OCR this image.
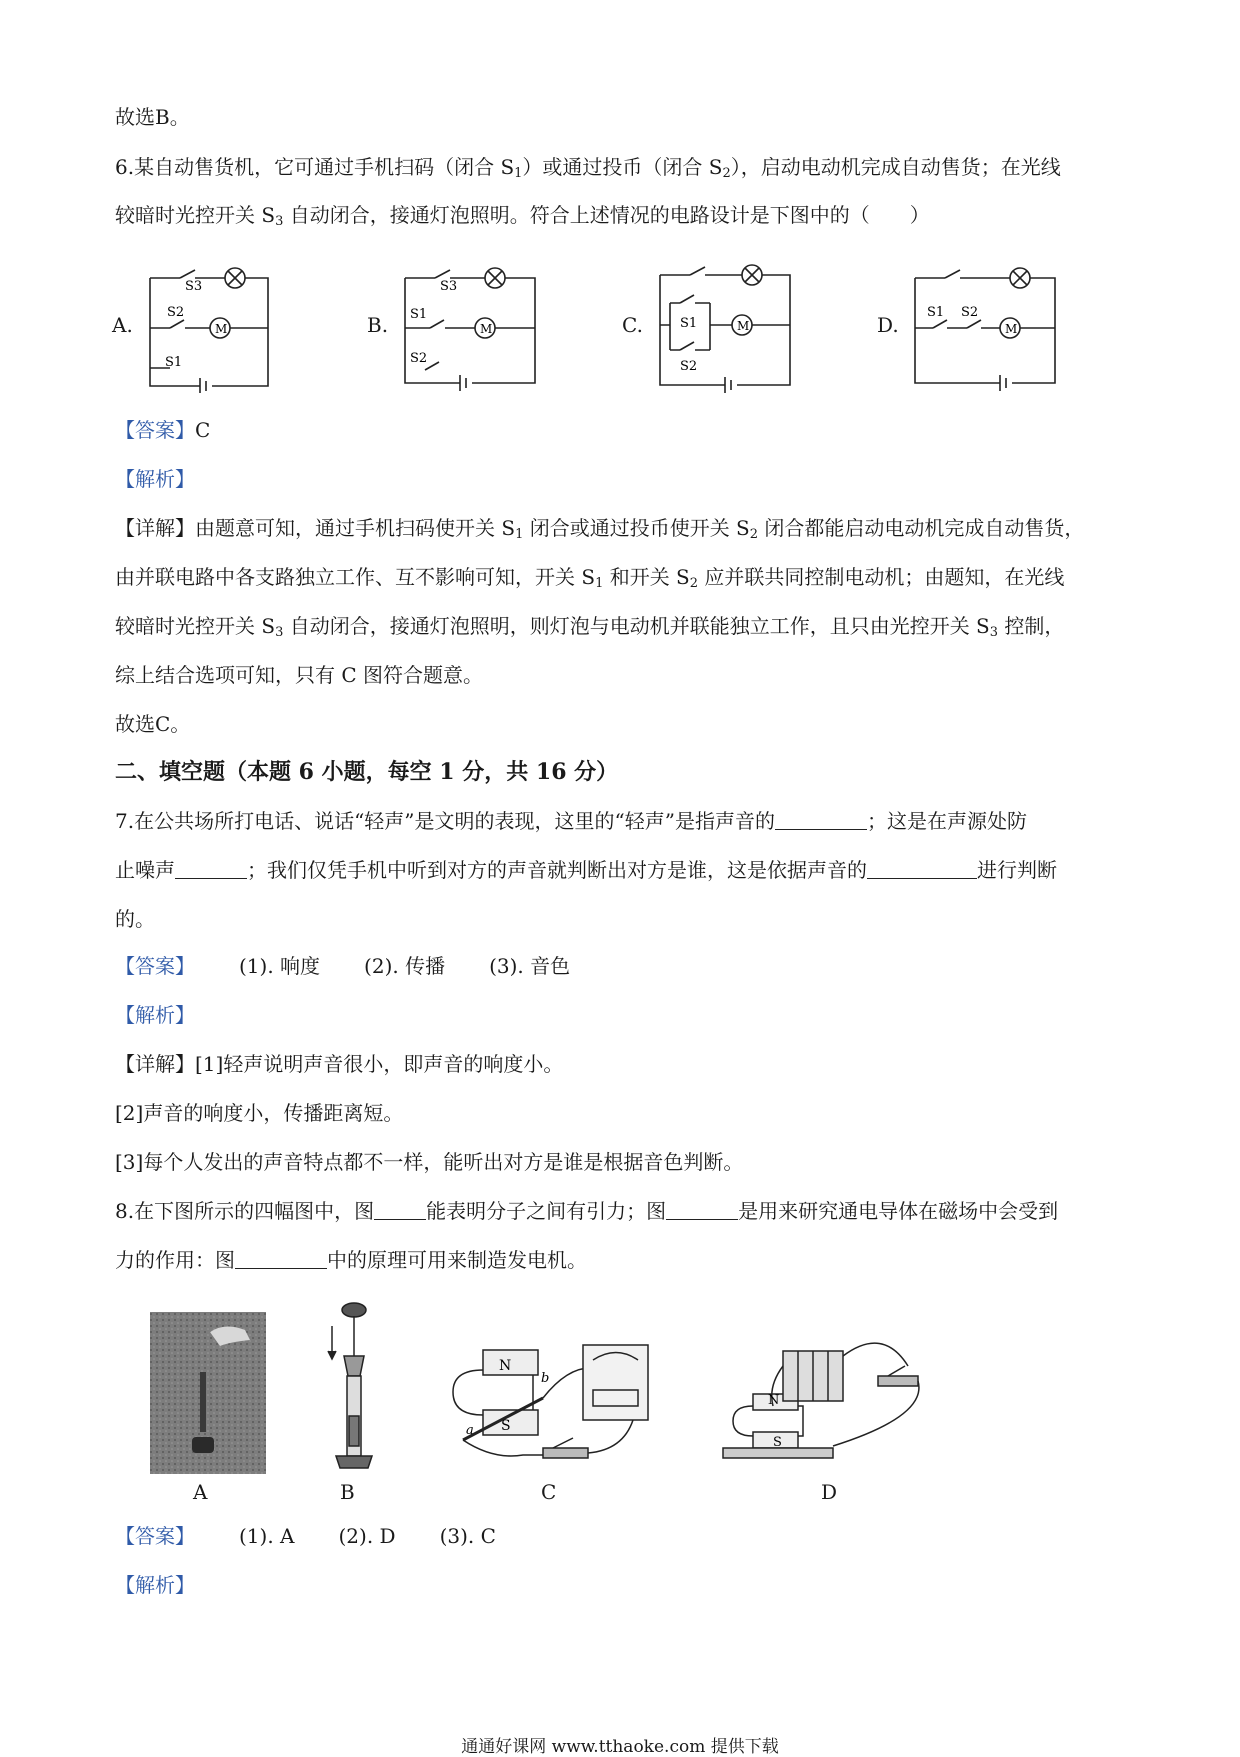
故选B。
6.某自动售货机，它可通过手机扫码（闭合 $S_1$）或通过投币（闭合 $S_2$），启动电动机完成自动售货；在光线
较暗时光控开关 $S_3$ 自动闭合，接通灯泡照明。符合上述情况的电路设计是下图中的（　　）
A.	B.	C.	D.
S3
S2
M
S1
S3
S1
M
S2
S1
S2
M
S1 S2
M
【答案】C
【解析】
【详解】由题意可知，通过手机扫码使开关 $S_1$ 闭合或通过投币使开关 $S_2$ 闭合都能启动电动机完成自动售货，
由并联电路中各支路独立工作、互不影响可知，开关 $S_1$ 和开关 $S_2$ 应并联共同控制电动机；由题知，在光线
较暗时光控开关 $S_3$ 自动闭合，接通灯泡照明，则灯泡与电动机并联能独立工作，且只由光控开关 $S_3$ 控制，
综上结合选项可知，只有 C 图符合题意。
故选C。
二、填空题（本题 6 小题，每空 1 分，共 16 分）
7.在公共场所打电话、说话“轻声”是文明的表现，这里的“轻声”是指声音的	；这是在声源处防
止噪声	；我们仅凭手机中听到对方的声音就判断出对方是谁，这是依据声音的	进行判断
的。
【答案】 (1). 响度 (2). 传播 (3). 音色
【解析】
【详解】[1]轻声说明声音很小，即声音的响度小。
[2]声音的响度小，传播距离短。
[3]每个人发出的声音特点都不一样，能听出对方是谁是根据音色判断。
8.在下图所示的四幅图中，图	能表明分子之间有引力；图	是用来研究通电导体在磁场中会受到
力的作用：图	中的原理可用来制造发电机。
A	B
N
S
a
b
C
N
S
D
【答案】 (1). A (2). D (3). C
【解析】
通通好课网 www.tthaoke.com 提供下载
